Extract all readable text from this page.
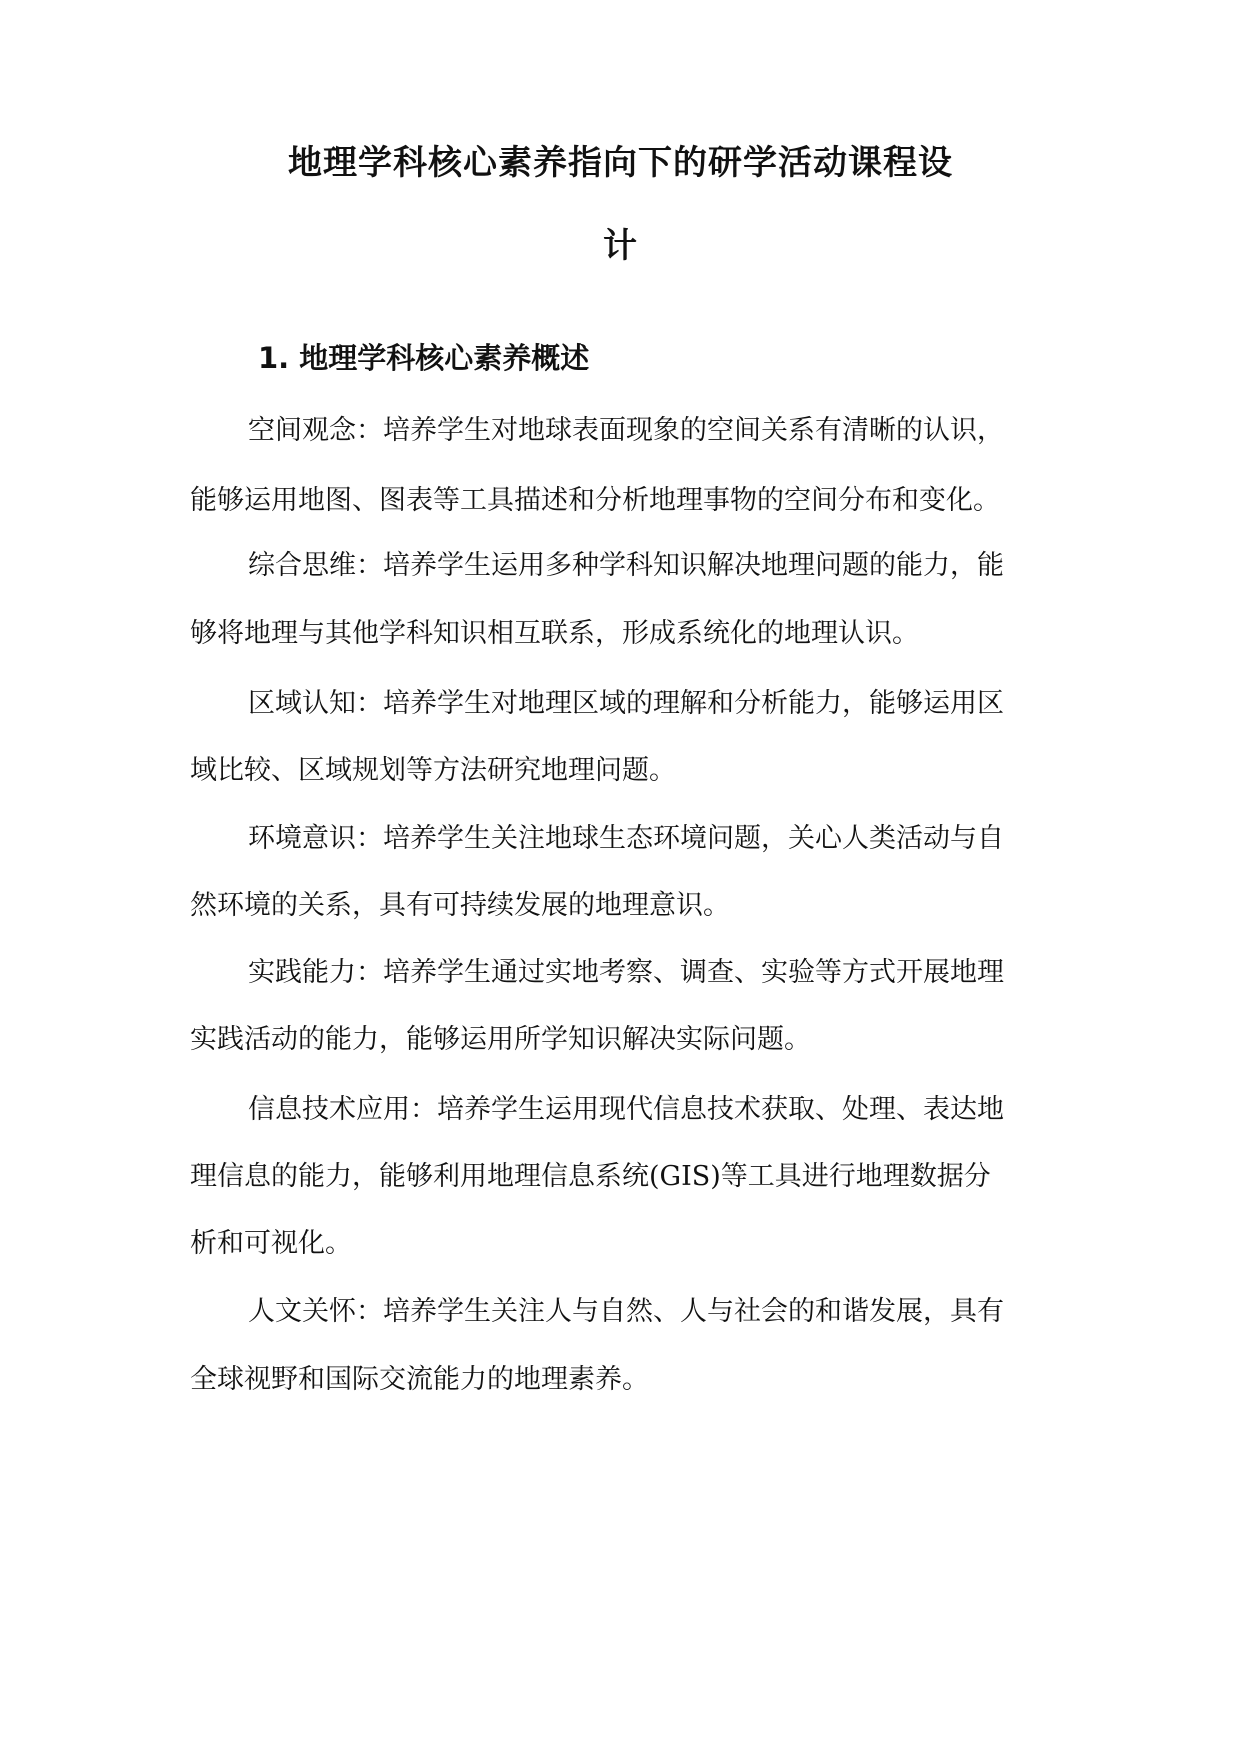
地理学科核心素养指向下的研学活动课程设
计
1. 地理学科核心素养概述
空间观念：培养学生对地球表面现象的空间关系有清晰的认识，
能够运用地图、图表等工具描述和分析地理事物的空间分布和变化。
综合思维：培养学生运用多种学科知识解决地理问题的能力，能
够将地理与其他学科知识相互联系，形成系统化的地理认识。
区域认知：培养学生对地理区域的理解和分析能力，能够运用区
域比较、区域规划等方法研究地理问题。
环境意识：培养学生关注地球生态环境问题，关心人类活动与自
然环境的关系，具有可持续发展的地理意识。
实践能力：培养学生通过实地考察、调查、实验等方式开展地理
实践活动的能力，能够运用所学知识解决实际问题。
信息技术应用：培养学生运用现代信息技术获取、处理、表达地
理信息的能力，能够利用地理信息系统(GIS)等工具进行地理数据分
析和可视化。
人文关怀：培养学生关注人与自然、人与社会的和谐发展，具有
全球视野和国际交流能力的地理素养。
